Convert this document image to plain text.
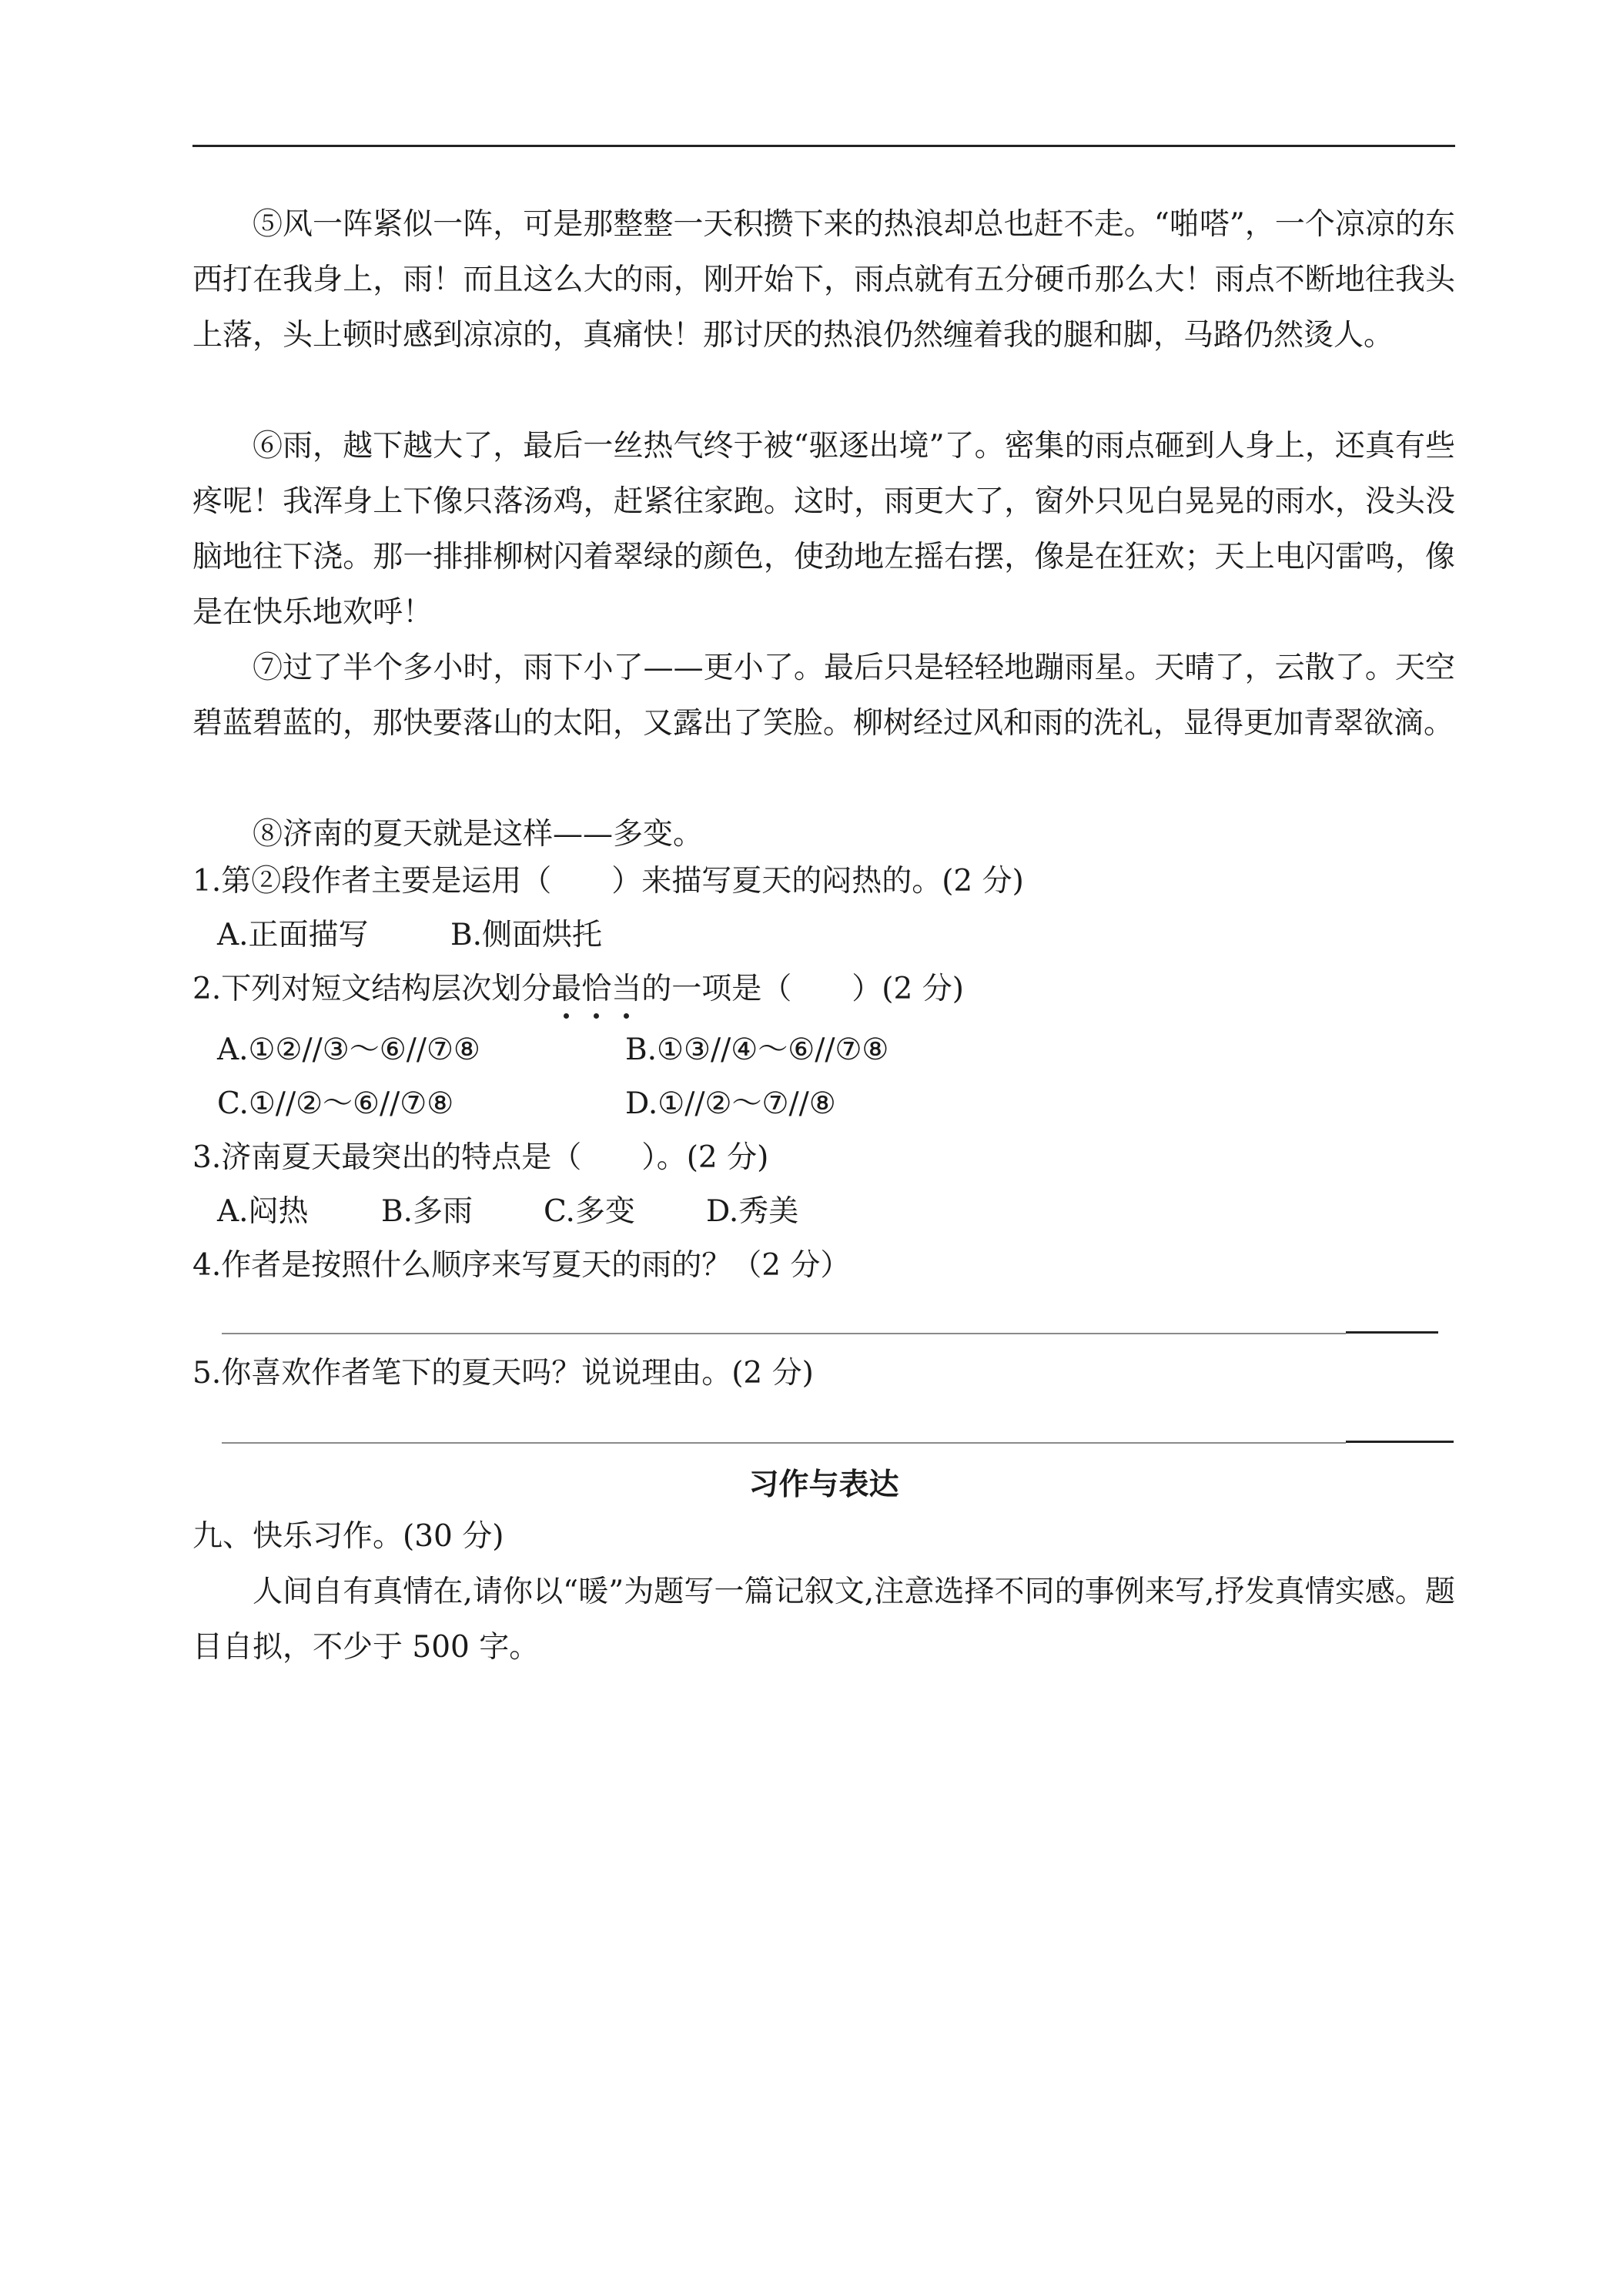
⑤风一阵紧似一阵，可是那整整一天积攒下来的热浪却总也赶不走。“啪嗒”，一个凉凉的东西打在我身上，雨！而且这么大的雨，刚开始下，雨点就有五分硬币那么大！雨点不断地往我头上落，头上顿时感到凉凉的，真痛快！那讨厌的热浪仍然缠着我的腿和脚，马路仍然烫人。

⑥雨，越下越大了，最后一丝热气终于被“驱逐出境”了。密集的雨点砸到人身上，还真有些疼呢！我浑身上下像只落汤鸡，赶紧往家跑。这时，雨更大了，窗外只见白晃晃的雨水，没头没脑地往下浇。那一排排柳树闪着翠绿的颜色，使劲地左摇右摆，像是在狂欢；天上电闪雷鸣，像是在快乐地欢呼！

⑦过了半个多小时，雨下小了——更小了。最后只是轻轻地蹦雨星。天晴了，云散了。天空碧蓝碧蓝的，那快要落山的太阳，又露出了笑脸。柳树经过风和雨的洗礼，显得更加青翠欲滴。

⑧济南的夏天就是这样——多变。

1.第②段作者主要是运用（　　）来描写夏天的闷热的。(2 分)

A.正面描写	B.侧面烘托

2.下列对短文结构层次划分最恰当的一项是（　　）(2 分)

A.①②//③～⑥//⑦⑧	B.①③//④～⑥//⑦⑧

C.①//②～⑥//⑦⑧	D.①//②～⑦//⑧

3.济南夏天最突出的特点是（　　）。(2 分)

A.闷热 B.多雨 C.多变 D.秀美

4.作者是按照什么顺序来写夏天的雨的？（2 分）

5.你喜欢作者笔下的夏天吗？说说理由。(2 分)

习作与表达

九、快乐习作。(30 分)

人间自有真情在,请你以“暖”为题写一篇记叙文,注意选择不同的事例来写,抒发真情实感。题目自拟，不少于 500 字。
